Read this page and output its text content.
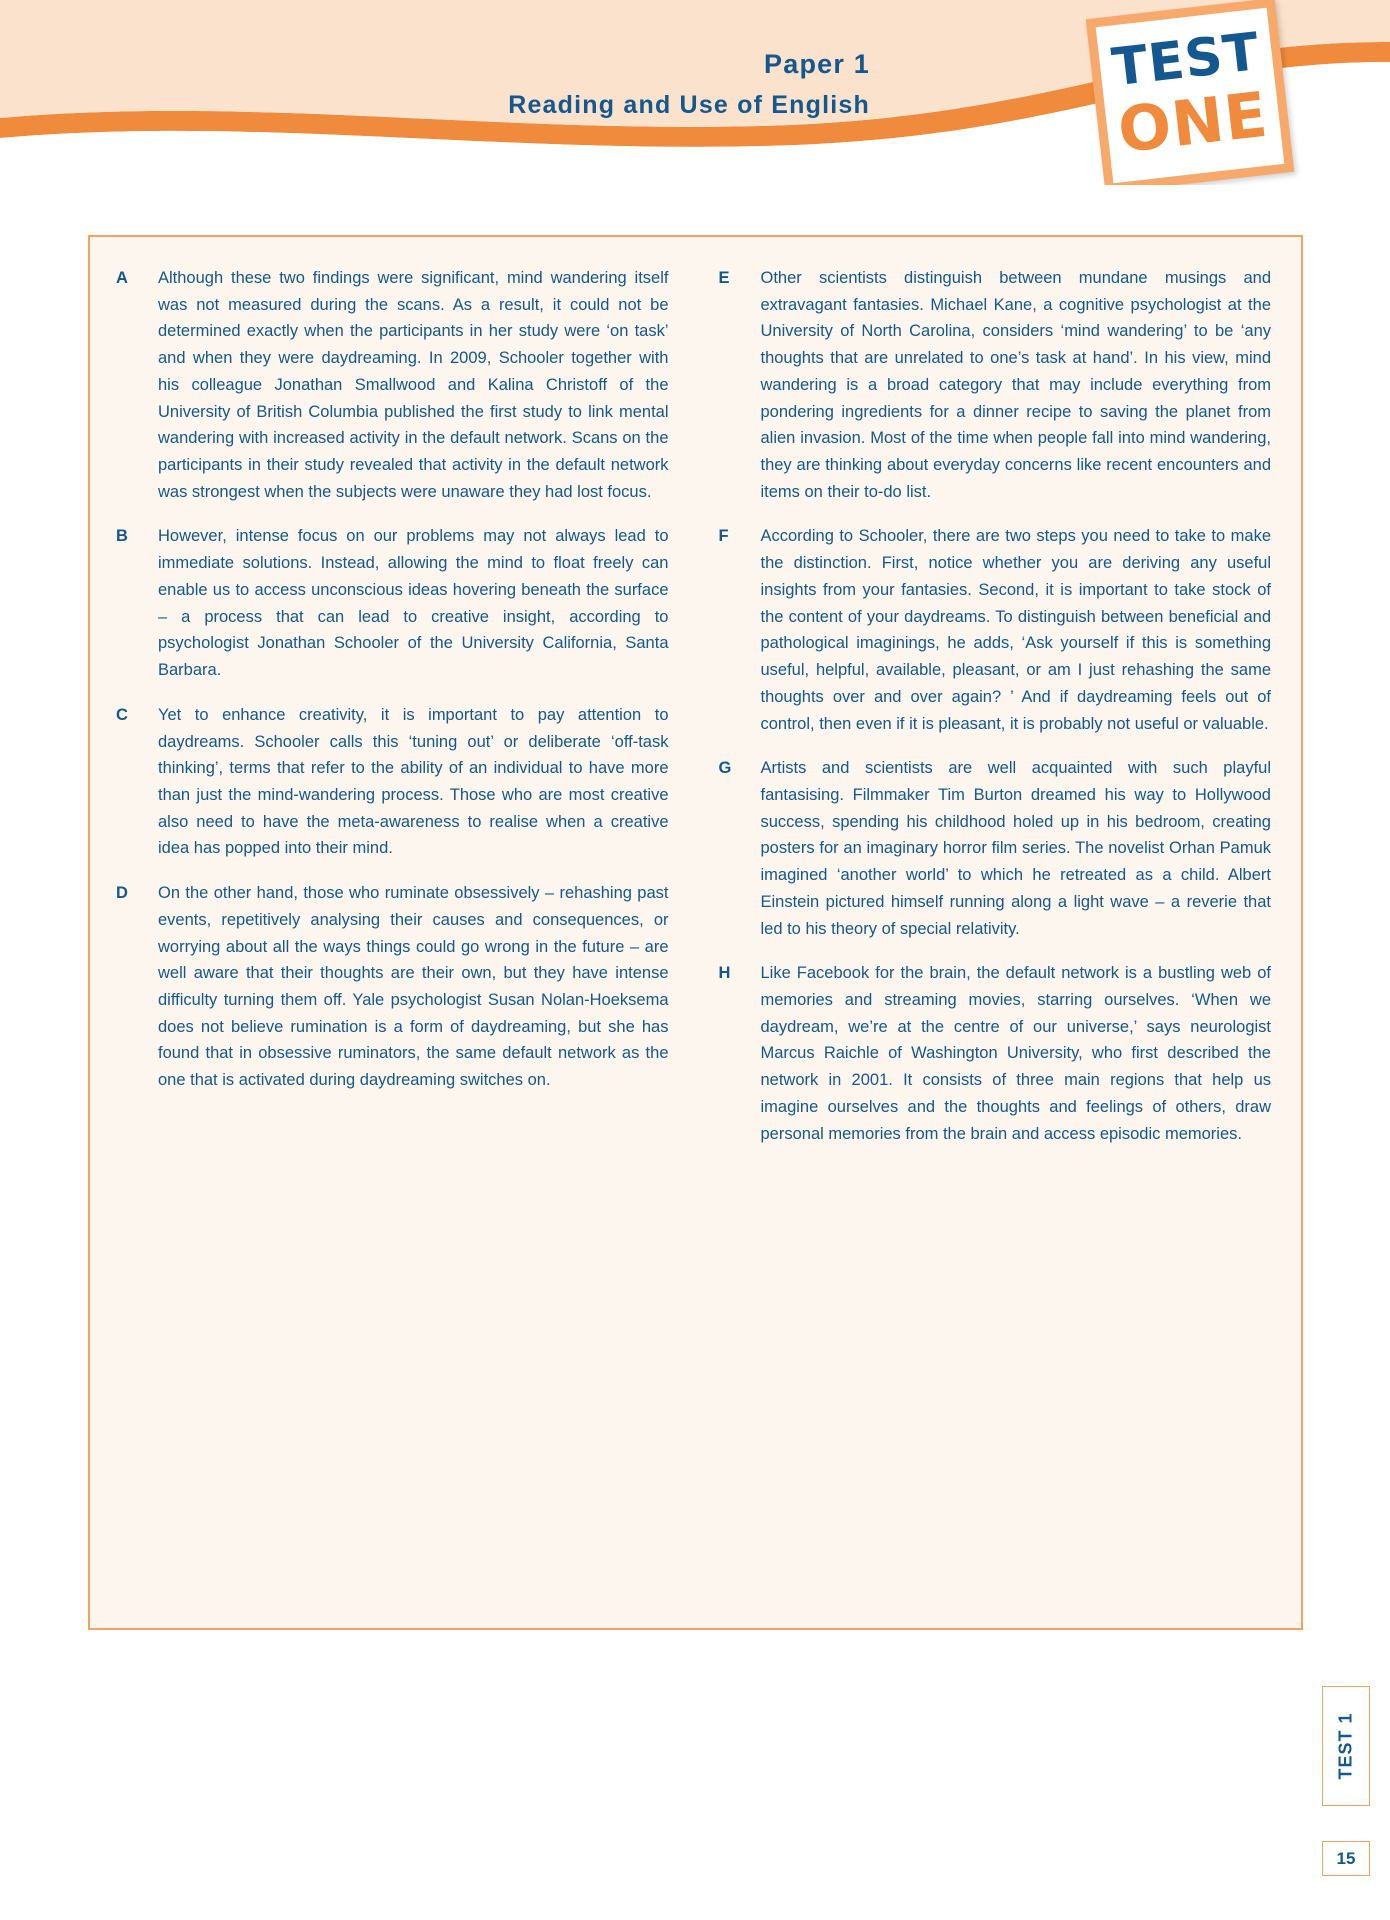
Paper 1
Reading and Use of English
TEST
ONE
A	Although these two findings were significant, mind wandering itself was not measured during the scans. As a result, it could not be determined exactly when the participants in her study were ‘on task’ and when they were daydreaming. In 2009, Schooler together with his colleague Jonathan Smallwood and Kalina Christoff of the University of British Columbia published the first study to link mental wandering with increased activity in the default network. Scans on the participants in their study revealed that activity in the default network was strongest when the subjects were unaware they had lost focus.
B	However, intense focus on our problems may not always lead to immediate solutions. Instead, allowing the mind to float freely can enable us to access unconscious ideas hovering beneath the surface – a process that can lead to creative insight, according to psychologist Jonathan Schooler of the University California, Santa Barbara.
C	Yet to enhance creativity, it is important to pay attention to daydreams. Schooler calls this ‘tuning out’ or deliberate ‘off-task thinking’, terms that refer to the ability of an individual to have more than just the mind-wandering process. Those who are most creative also need to have the meta-awareness to realise when a creative idea has popped into their mind.
D	On the other hand, those who ruminate obsessively – rehashing past events, repetitively analysing their causes and consequences, or worrying about all the ways things could go wrong in the future – are well aware that their thoughts are their own, but they have intense difficulty turning them off. Yale psychologist Susan Nolan-Hoeksema does not believe rumination is a form of daydreaming, but she has found that in obsessive ruminators, the same default network as the one that is activated during daydreaming switches on.
E	Other scientists distinguish between mundane musings and extravagant fantasies. Michael Kane, a cognitive psychologist at the University of North Carolina, considers ‘mind wandering’ to be ‘any thoughts that are unrelated to one’s task at hand’. In his view, mind wandering is a broad category that may include everything from pondering ingredients for a dinner recipe to saving the planet from alien invasion. Most of the time when people fall into mind wandering, they are thinking about everyday concerns like recent encounters and items on their to-do list.
F	According to Schooler, there are two steps you need to take to make the distinction. First, notice whether you are deriving any useful insights from your fantasies. Second, it is important to take stock of the content of your daydreams. To distinguish between beneficial and pathological imaginings, he adds, ‘Ask yourself if this is something useful, helpful, available, pleasant, or am I just rehashing the same thoughts over and over again? ’ And if daydreaming feels out of control, then even if it is pleasant, it is probably not useful or valuable.
G	Artists and scientists are well acquainted with such playful fantasising. Filmmaker Tim Burton dreamed his way to Hollywood success, spending his childhood holed up in his bedroom, creating posters for an imaginary horror film series. The novelist Orhan Pamuk imagined ‘another world’ to which he retreated as a child. Albert Einstein pictured himself running along a light wave – a reverie that led to his theory of special relativity.
H	Like Facebook for the brain, the default network is a bustling web of memories and streaming movies, starring ourselves. ‘When we daydream, we’re at the centre of our universe,’ says neurologist Marcus Raichle of Washington University, who first described the network in 2001. It consists of three main regions that help us imagine ourselves and the thoughts and feelings of others, draw personal memories from the brain and access episodic memories.
TEST 1
15
